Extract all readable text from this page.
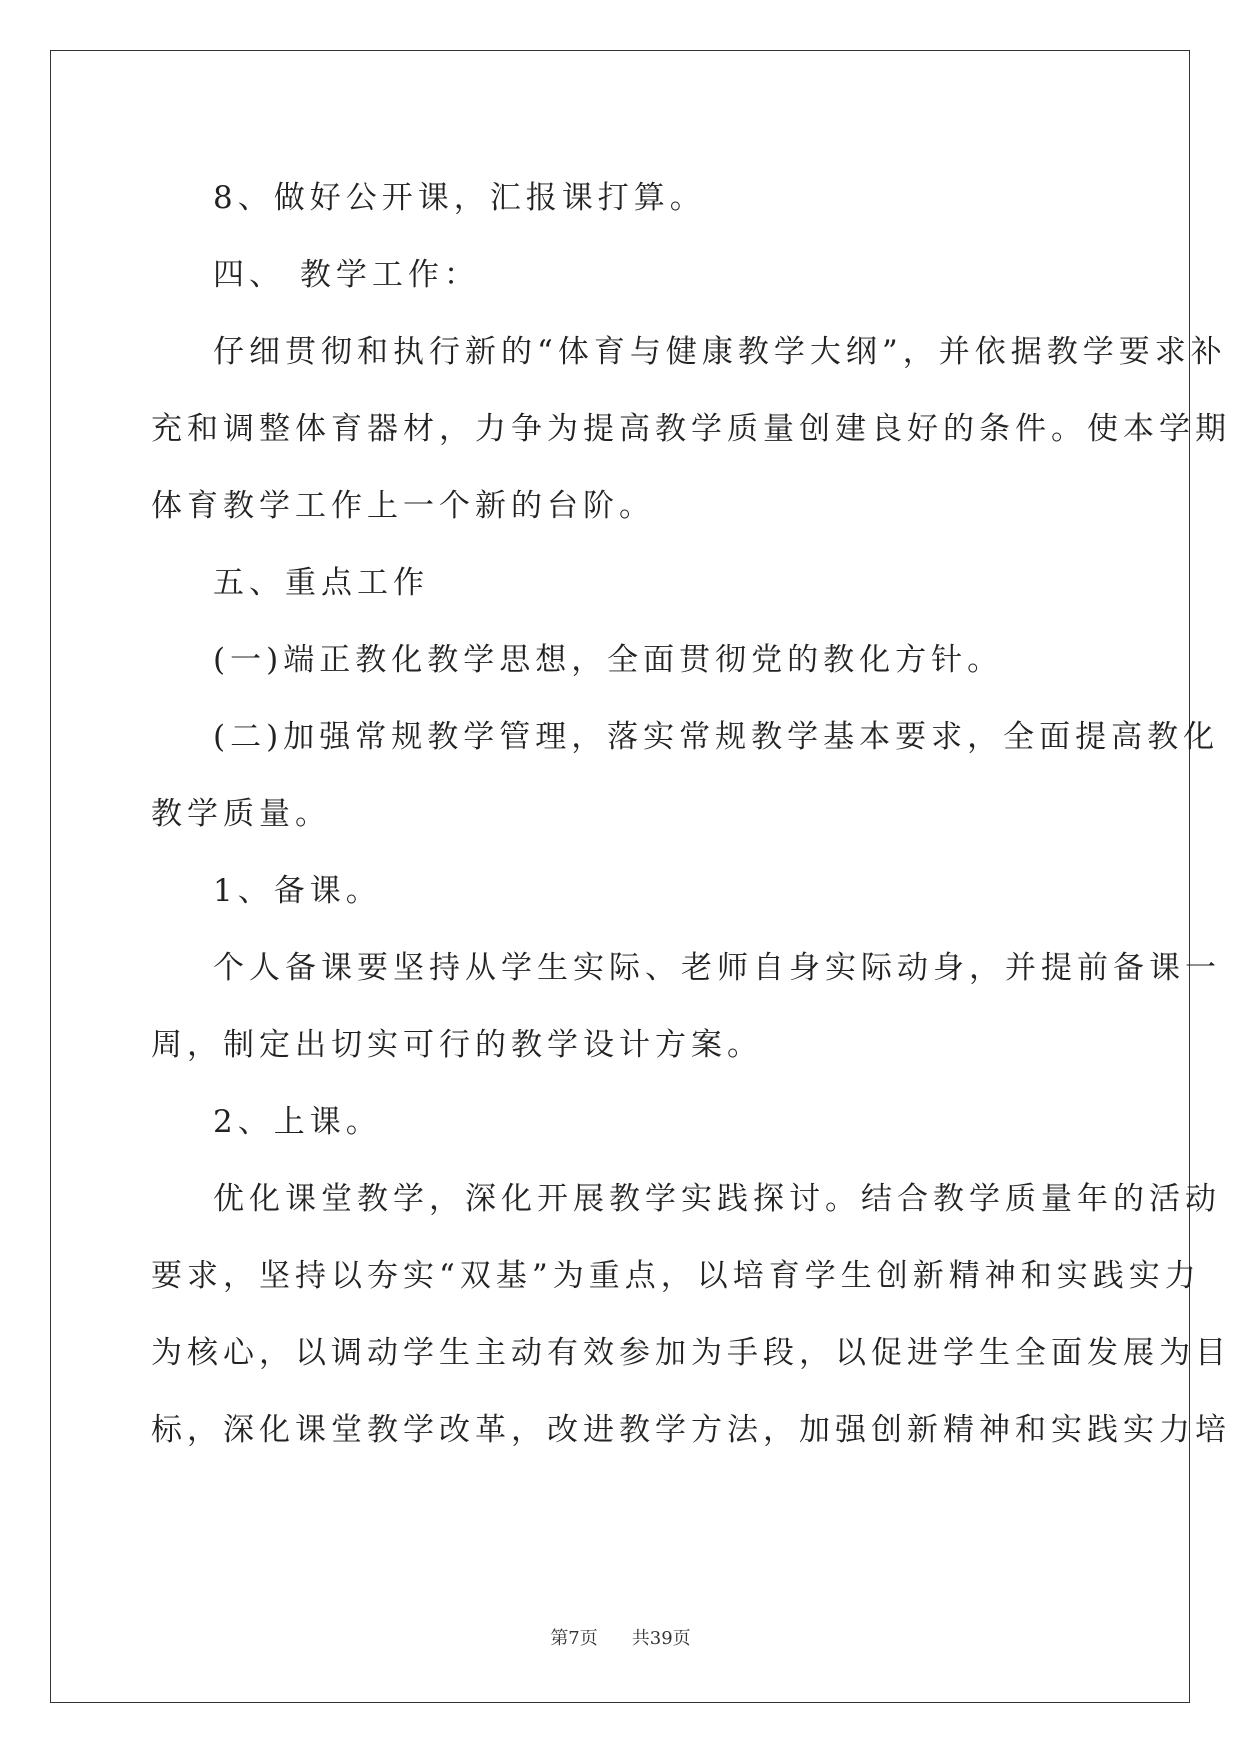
8、做好公开课，汇报课打算。

四、 教学工作：

仔细贯彻和执行新的“体育与健康教学大纲”，并依据教学要求补

充和调整体育器材，力争为提高教学质量创建良好的条件。使本学期

体育教学工作上一个新的台阶。

五、重点工作

(一)端正教化教学思想，全面贯彻党的教化方针。

(二)加强常规教学管理，落实常规教学基本要求，全面提高教化

教学质量。

1、备课。

个人备课要坚持从学生实际、老师自身实际动身，并提前备课一

周，制定出切实可行的教学设计方案。

2、上课。

优化课堂教学，深化开展教学实践探讨。结合教学质量年的活动

要求，坚持以夯实“双基”为重点，以培育学生创新精神和实践实力

为核心，以调动学生主动有效参加为手段，以促进学生全面发展为目

标，深化课堂教学改革，改进教学方法，加强创新精神和实践实力培

第7页 共39页
